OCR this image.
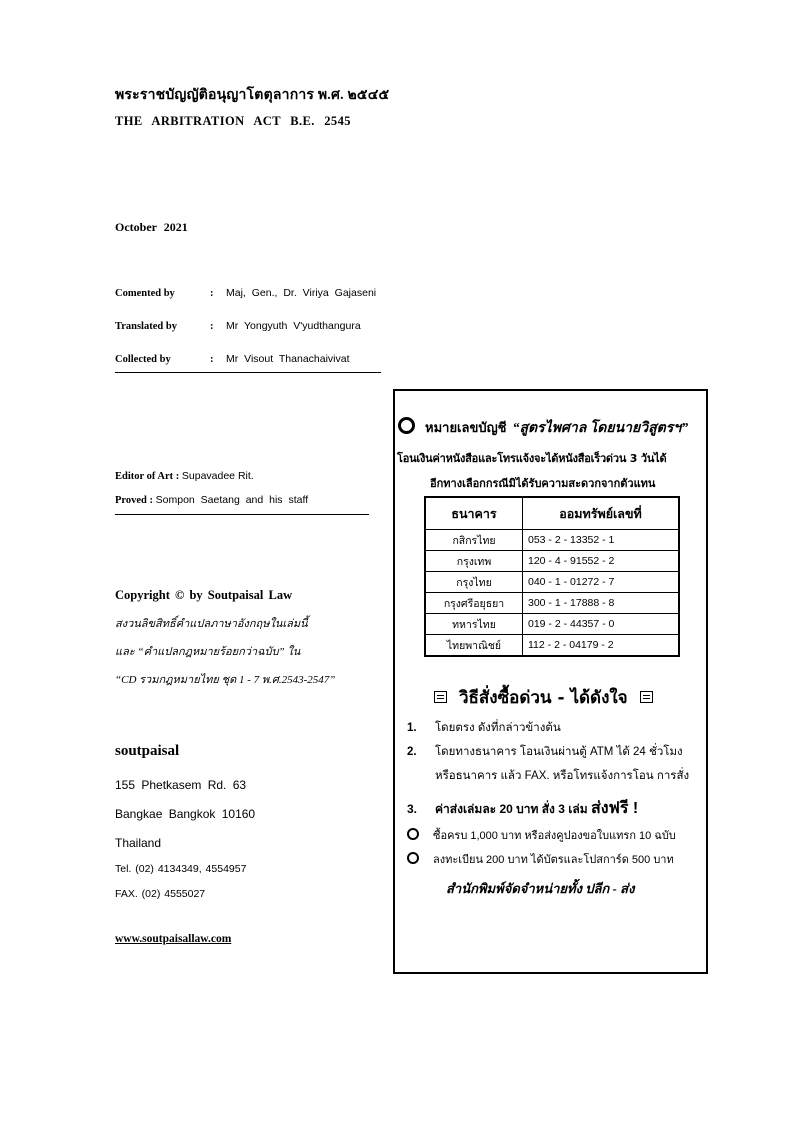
พระราชบัญญัติอนุญาโตตุลาการ พ.ศ. ๒๕๔๕
THE ARBITRATION ACT B.E. 2545
October 2021
Comented by	: Maj, Gen., Dr. Viriya Gajaseni
Translated by	: Mr Yongyuth V'yudthangura
Collected by	: Mr Visout Thanachaivivat
Editor of Art : Supavadee Rit.
Proved : Sompon Saetang and his staff
Copyright © by Soutpaisal Law
สงวนลิขสิทธิ์คำแปลภาษาอังกฤษในเล่มนี้
และ “คำแปลกฎหมายร้อยกว่าฉบับ” ใน
“CD รวมกฎหมายไทย ชุด 1 - 7 พ.ศ.2543-2547”
soutpaisal
155 Phetkasem Rd. 63
Bangkae Bangkok 10160
Thailand
Tel. (02) 4134349, 4554957
FAX. (02) 4555027
www.soutpaisallaw.com
หมายเลขบัญชี “สูตรไพศาล โดยนายวิสูตรฯ”
โอนเงินค่าหนังสือและโทรแจ้งจะได้หนังสือเร็วด่วน 3 วันได้
อีกทางเลือกกรณีมิได้รับความสะดวกจากตัวแทน
ธนาคาร	ออมทรัพย์เลขที่
กสิกรไทย	053 - 2 - 13352 - 1
กรุงเทพ	120 - 4 - 91552 - 2
กรุงไทย	040 - 1 - 01272 - 7
กรุงศรีอยุธยา	300 - 1 - 17888 - 8
ทหารไทย	019 - 2 - 44357 - 0
ไทยพาณิชย์	112 - 2 - 04179 - 2
วิธีสั่งซื้อด่วน - ได้ดังใจ
1. โดยตรง ดังที่กล่าวข้างต้น
2. โดยทางธนาคาร โอนเงินผ่านตู้ ATM ได้ 24 ชั่วโมง
หรือธนาคาร แล้ว FAX. หรือโทรแจ้งการโอน การสั่ง
3. ค่าส่งเล่มละ 20 บาท สั่ง 3 เล่ม ส่งฟรี !
ซื้อครบ 1,000 บาท หรือส่งคูปองขอใบแทรก 10 ฉบับ
ลงทะเบียน 200 บาท ได้บัตรและโปสการ์ด 500 บาท
สำนักพิมพ์จัดจำหน่ายทั้ง ปลีก - ส่ง
